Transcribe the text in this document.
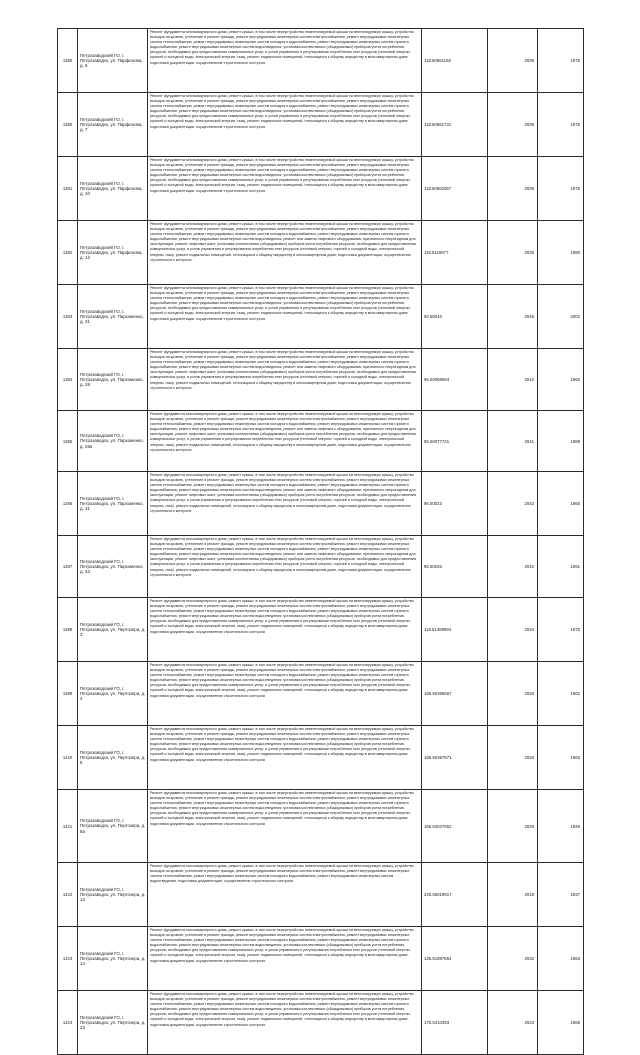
1380	Петрозаводский ГО, г. Петрозаводск, ул. Парфенова, д. 6	Ремонт фундамента многоквартирного дома, ремонт крыши, в том числе переустройство невентилируемой крыши на вентилируемую крышу, устройство выходов на кровлю, утепление и ремонт фасада, ремонт внутридомовых инженерных систем электроснабжения, ремонт внутридомовых инженерных систем теплоснабжения, ремонт внутридомовых инженерных систем холодного водоснабжения, ремонт внутридомовых инженерных систем горячего водоснабжения, ремонт внутридомовых инженерных систем водоотведения, установка коллективных (общедомовых) приборов учета потребления ресурсов, необходимых для предоставления коммунальных услуг, и узлов управления и регулирования потребления этих ресурсов (тепловой энергии, горячей и холодной воды, электрической энергии, газа), ремонт подвальных помещений, относящихся к общему имуществу в многоквартирном доме, подготовка документации, осуществление строительного контроля	118.50861165	2036	1975
1380	Петрозаводский ГО, г. Петрозаводск, ул. Парфенова, д. 7	Ремонт фундамента многоквартирного дома, ремонт крыши, в том числе переустройство невентилируемой крыши на вентилируемую крышу, устройство выходов на кровлю, утепление и ремонт фасада, ремонт внутридомовых инженерных систем электроснабжения, ремонт внутридомовых инженерных систем теплоснабжения, ремонт внутридомовых инженерных систем холодного водоснабжения, ремонт внутридомовых инженерных систем горячего водоснабжения, ремонт внутридомовых инженерных систем водоотведения, установка коллективных (общедомовых) приборов учета потребления ресурсов, необходимых для предоставления коммунальных услуг, и узлов управления и регулирования потребления этих ресурсов (тепловой энергии, горячей и холодной воды, электрической энергии, газа), ремонт подвальных помещений, относящихся к общему имуществу в многоквартирном доме, подготовка документации, осуществление строительного контроля	118.50861731	2036	1975
1381	Петрозаводский ГО, г. Петрозаводск, ул. Парфенова, д. 10	Ремонт фундамента многоквартирного дома, ремонт крыши, в том числе переустройство невентилируемой крыши на вентилируемую крышу, устройство выходов на кровлю, утепление и ремонт фасада, ремонт внутридомовых инженерных систем электроснабжения, ремонт внутридомовых инженерных систем теплоснабжения, ремонт внутридомовых инженерных систем холодного водоснабжения, ремонт внутридомовых инженерных систем горячего водоснабжения, ремонт внутридомовых инженерных систем водоотведения, установка коллективных (общедомовых) приборов учета потребления ресурсов, необходимых для предоставления коммунальных услуг, и узлов управления и регулирования потребления этих ресурсов (тепловой энергии, горячей и холодной воды, электрической энергии, газа), ремонт подвальных помещений, относящихся к общему имуществу в многоквартирном доме, подготовка документации, осуществление строительного контроля	118.50862067	2036	1975
1382	Петрозаводский ГО, г. Петрозаводск, ул. Парфенова, д. 12	Ремонт фундамента многоквартирного дома, ремонт крыши, в том числе переустройство невентилируемой крыши на вентилируемую крышу, устройство выходов на кровлю, утепление и ремонт фасада, ремонт внутридомовых инженерных систем электроснабжения, ремонт внутридомовых инженерных систем теплоснабжения, ремонт внутридомовых инженерных систем холодного водоснабжения, ремонт внутридомовых инженерных систем горячего водоснабжения, ремонт внутридомовых инженерных систем водоотведения, ремонт или замена лифтового оборудования, признанного непригодным для эксплуатации, ремонт лифтовых шахт, установка коллективных (общедомовых) приборов учета потребления ресурсов, необходимых для предоставления коммунальных услуг, и узлов управления и регулирования потребления этих ресурсов (тепловой энергии, горячей и холодной воды, электрической энергии, газа), ремонт подвальных помещений, относящихся к общему имуществу в многоквартирном доме, подготовка документации, осуществление строительного контроля	115.5116877	2035	1980
1383	Петрозаводский ГО, г. Петрозаводск, ул. Пархоменко, д. 31	Ремонт фундамента многоквартирного дома, ремонт крыши, в том числе переустройство невентилируемой крыши на вентилируемую крышу, устройство выходов на кровлю, утепление и ремонт фасада, ремонт внутридомовых инженерных систем электроснабжения, ремонт внутридомовых инженерных систем теплоснабжения, ремонт внутридомовых инженерных систем холодного водоснабжения, ремонт внутридомовых инженерных систем горячего водоснабжения, ремонт внутридомовых инженерных систем водоотведения, установка коллективных (общедомовых) приборов учета потребления ресурсов, необходимых для предоставления коммунальных услуг, и узлов управления и регулирования потребления этих ресурсов (тепловой энергии, горячей и холодной воды, электрической энергии, газа), ремонт подвальных помещений, относящихся к общему имуществу в многоквартирном доме, подготовка документации, осуществление строительного контроля	50.50016	2045	2002
1384	Петрозаводский ГО, г. Петрозаводск, ул. Пархоменко, д. 28	Ремонт фундамента многоквартирного дома, ремонт крыши, в том числе переустройство невентилируемой крыши на вентилируемую крышу, устройство выходов на кровлю, утепление и ремонт фасада, ремонт внутридомовых инженерных систем электроснабжения, ремонт внутридомовых инженерных систем теплоснабжения, ремонт внутридомовых инженерных систем холодного водоснабжения, ремонт внутридомовых инженерных систем горячего водоснабжения, ремонт внутридомовых инженерных систем водоотведения, ремонт или замена лифтового оборудования, признанного непригодным для эксплуатации, ремонт лифтовых шахт, установка коллективных (общедомовых) приборов учета потребления ресурсов, необходимых для предоставления коммунальных услуг, и узлов управления и регулирования потребления этих ресурсов (тепловой энергии, горячей и холодной воды, электрической энергии, газа), ремонт подвальных помещений, относящихся к общему имуществу в многоквартирном доме, подготовка документации, осуществление строительного контроля	96.50068594	2042	1960
1385	Петрозаводский ГО, г. Петрозаводск, ул. Пархоменко, д. 28а	Ремонт фундамента многоквартирного дома, ремонт крыши, в том числе переустройство невентилируемой крыши на вентилируемую крышу, устройство выходов на кровлю, утепление и ремонт фасада, ремонт внутридомовых инженерных систем электроснабжения, ремонт внутридомовых инженерных систем теплоснабжения, ремонт внутридомовых инженерных систем холодного водоснабжения, ремонт внутридомовых инженерных систем горячего водоснабжения, ремонт внутридомовых инженерных систем водоотведения, ремонт или замена лифтового оборудования, признанного непригодным для эксплуатации, ремонт лифтовых шахт, установка коллективных (общедомовых) приборов учета потребления ресурсов, необходимых для предоставления коммунальных услуг, и узлов управления и регулирования потребления этих ресурсов (тепловой энергии, горячей и холодной воды, электрической энергии, газа), ремонт подвальных помещений, относящихся к общему имуществу в многоквартирном доме, подготовка документации, осуществление строительного контроля	96.50077731	2041	1989
1386	Петрозаводский ГО, г. Петрозаводск, ул. Пархоменко, д. 31	Ремонт фундамента многоквартирного дома, ремонт крыши, в том числе переустройство невентилируемой крыши на вентилируемую крышу, устройство выходов на кровлю, утепление и ремонт фасада, ремонт внутридомовых инженерных систем электроснабжения, ремонт внутридомовых инженерных систем теплоснабжения, ремонт внутридомовых инженерных систем холодного водоснабжения, ремонт внутридомовых инженерных систем горячего водоснабжения, ремонт внутридомовых инженерных систем водоотведения, ремонт или замена лифтового оборудования, признанного непригодным для эксплуатации, ремонт лифтовых шахт, установка коллективных (общедомовых) приборов учета потребления ресурсов, необходимых для предоставления коммунальных услуг, и узлов управления и регулирования потребления этих ресурсов (тепловой энергии, горячей и холодной воды, электрической энергии, газа), ремонт подвальных помещений, относящихся к общему имуществу в многоквартирном доме, подготовка документации, осуществление строительного контроля	96.50023	2042	1965
1387	Петрозаводский ГО, г. Петрозаводск, ул. Пархоменко, д. 33	Ремонт фундамента многоквартирного дома, ремонт крыши, в том числе переустройство невентилируемой крыши на вентилируемую крышу, устройство выходов на кровлю, утепление и ремонт фасада, ремонт внутридомовых инженерных систем электроснабжения, ремонт внутридомовых инженерных систем теплоснабжения, ремонт внутридомовых инженерных систем холодного водоснабжения, ремонт внутридомовых инженерных систем горячего водоснабжения, ремонт внутридомовых инженерных систем водоотведения, ремонт или замена лифтового оборудования, признанного непригодным для эксплуатации, ремонт лифтовых шахт, установка коллективных (общедомовых) приборов учета потребления ресурсов, необходимых для предоставления коммунальных услуг, и узлов управления и регулирования потребления этих ресурсов (тепловой энергии, горячей и холодной воды, электрической энергии, газа), ремонт подвальных помещений, относящихся к общему имуществу в многоквартирном доме, подготовка документации, осуществление строительного контроля	96.50026	2042	1991
1388	Петрозаводский ГО, г. Петрозаводск, ул. Пертозера, д. 3	Ремонт фундамента многоквартирного дома, ремонт крыши, в том числе переустройство невентилируемой крыши на вентилируемую крышу, устройство выходов на кровлю, утепление и ремонт фасада, ремонт внутридомовых инженерных систем электроснабжения, ремонт внутридомовых инженерных систем теплоснабжения, ремонт внутридомовых инженерных систем холодного водоснабжения, ремонт внутридомовых инженерных систем горячего водоснабжения, ремонт внутридомовых инженерных систем водоотведения, установка коллективных (общедомовых) приборов учета потребления ресурсов, необходимых для предоставления коммунальных услуг, и узлов управления и регулирования потребления этих ресурсов (тепловой энергии, горячей и холодной воды, электрической энергии, газа), ремонт подвальных помещений, относящихся к общему имуществу в многоквартирном доме, подготовка документации, осуществление строительного контроля	118.51389994	2034	1975
1389	Петрозаводский ГО, г. Петрозаводск, ул. Пертозера, д. 4	Ремонт фундамента многоквартирного дома, ремонт крыши, в том числе переустройство невентилируемой крыши на вентилируемую крышу, устройство выходов на кровлю, утепление и ремонт фасада, ремонт внутридомовых инженерных систем электроснабжения, ремонт внутридомовых инженерных систем теплоснабжения, ремонт внутридомовых инженерных систем холодного водоснабжения, ремонт внутридомовых инженерных систем горячего водоснабжения, ремонт внутридомовых инженерных систем водоотведения, установка коллективных (общедомовых) приборов учета потребления ресурсов, необходимых для предоставления коммунальных услуг, и узлов управления и регулирования потребления этих ресурсов (тепловой энергии, горячей и холодной воды, электрической энергии, газа), ремонт подвальных помещений, относящихся к общему имуществу в многоквартирном доме, подготовка документации, осуществление строительного контроля	155.50396667	2026	1962
1420	Петрозаводский ГО, г. Петрозаводск, ул. Пертозера, д. 8	Ремонт фундамента многоквартирного дома, ремонт крыши, в том числе переустройство невентилируемой крыши на вентилируемую крышу, устройство выходов на кровлю, утепление и ремонт фасада, ремонт внутридомовых инженерных систем электроснабжения, ремонт внутридомовых инженерных систем теплоснабжения, ремонт внутридомовых инженерных систем холодного водоснабжения, ремонт внутридомовых инженерных систем горячего водоснабжения, ремонт внутридомовых инженерных систем водоотведения, установка коллективных (общедомовых) приборов учета потребления ресурсов, необходимых для предоставления коммунальных услуг, и узлов управления и регулирования потребления этих ресурсов (тепловой энергии, горячей и холодной воды, электрической энергии, газа), ремонт подвальных помещений, относящихся к общему имуществу в многоквартирном доме, подготовка документации, осуществление строительного контроля	155.50397571	2026	1963
1421	Петрозаводский ГО, г. Петрозаводск, ул. Пертозера, д. 8а	Ремонт фундамента многоквартирного дома, ремонт крыши, в том числе переустройство невентилируемой крыши на вентилируемую крышу, устройство выходов на кровлю, утепление и ремонт фасада, ремонт внутридомовых инженерных систем электроснабжения, ремонт внутридомовых инженерных систем теплоснабжения, ремонт внутридомовых инженерных систем холодного водоснабжения, ремонт внутридомовых инженерных систем горячего водоснабжения, ремонт внутридомовых инженерных систем водоотведения, установка коллективных (общедомовых) приборов учета потребления ресурсов, необходимых для предоставления коммунальных услуг, и узлов управления и регулирования потребления этих ресурсов (тепловой энергии, горячей и холодной воды, электрической энергии, газа), ремонт подвальных помещений, относящихся к общему имуществу в многоквартирном доме, подготовка документации, осуществление строительного контроля	155.54037652	2026	1949
1422	Петрозаводский ГО, г. Петрозаводск, ул. Пертозера, д. 13	Ремонт фундамента многоквартирного дома, ремонт крыши, в том числе переустройство невентилируемой крыши на вентилируемую крышу, устройство выходов на кровлю, утепление и ремонт фасада, ремонт внутридомовых инженерных систем электроснабжения, ремонт внутридомовых инженерных систем теплоснабжения, ремонт внутридомовых инженерных систем холодного водоснабжения, ремонт внутридомовых инженерных систем водоотведения, подготовка документации, осуществление строительного контроля	225.56019917	2019	1937
1423	Петрозаводский ГО, г. Петрозаводск, ул. Пертозера, д. 14	Ремонт фундамента многоквартирного дома, ремонт крыши, в том числе переустройство невентилируемой крыши на вентилируемую крышу, устройство выходов на кровлю, утепление и ремонт фасада, ремонт внутридомовых инженерных систем электроснабжения, ремонт внутридомовых инженерных систем теплоснабжения, ремонт внутридомовых инженерных систем холодного водоснабжения, ремонт внутридомовых инженерных систем горячего водоснабжения, ремонт внутридомовых инженерных систем водоотведения, установка коллективных (общедомовых) приборов учета потребления ресурсов, необходимых для предоставления коммунальных услуг, и узлов управления и регулирования потребления этих ресурсов (тепловой энергии, горячей и холодной воды, электрической энергии, газа), ремонт подвальных помещений, относящихся к общему имуществу в многоквартирном доме, подготовка документации, осуществление строительного контроля	135.51987664	2032	1963
1424	Петрозаводский ГО, г. Петрозаводск, ул. Пертозера, д. 23	Ремонт фундамента многоквартирного дома, ремонт крыши, в том числе переустройство невентилируемой крыши на вентилируемую крышу, устройство выходов на кровлю, утепление и ремонт фасада, ремонт внутридомовых инженерных систем электроснабжения, ремонт внутридомовых инженерных систем теплоснабжения, ремонт внутридомовых инженерных систем холодного водоснабжения, ремонт внутридомовых инженерных систем горячего водоснабжения, ремонт внутридомовых инженерных систем водоотведения, установка коллективных (общедомовых) приборов учета потребления ресурсов, необходимых для предоставления коммунальных услуг, и узлов управления и регулирования потребления этих ресурсов (тепловой энергии, горячей и холодной воды, электрической энергии, газа), ремонт подвальных помещений, относящихся к общему имуществу в многоквартирном доме, подготовка документации, осуществление строительного контроля	175.5410393	2023	1965
